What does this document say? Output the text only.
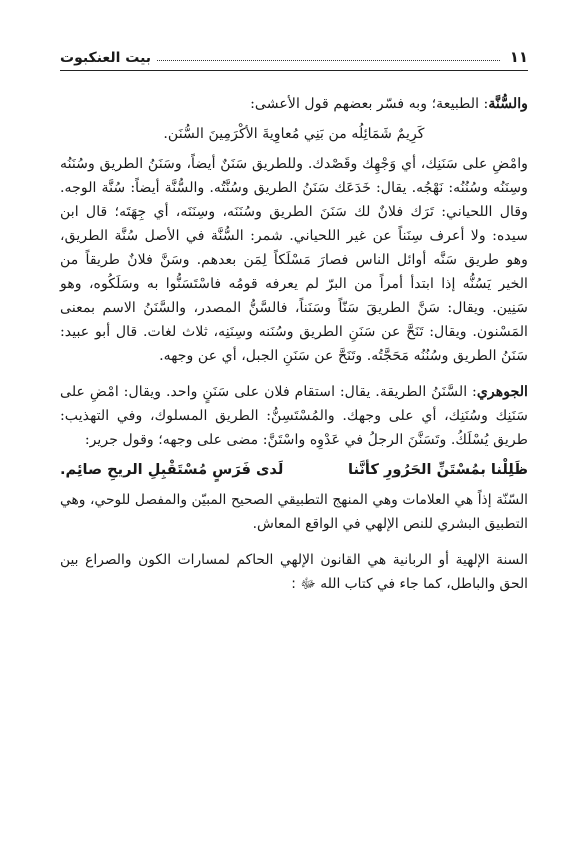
١١
بيت العنكبوت

والسُّنَّة: الطبيعة؛ وبه فسّر بعضهم قول الأعشى:

كَرِيمٌ شَمَائِلُه من بَنِي مُعاوِيةَ الأكْرَمِينَ السُّنَن.

وامْضِ على سَنَنِك، أي وَجْهِك وقَصْدك. وللطريق سَنَنٌ أيضاً، وسَنَنُ الطريق وسُنَنُه وسِنَنُه وسُنُنُه: نَهْجُه. يقال: خَدَعَك سَنَنُ الطريق وسُنَّتُه. والسُّنَّة أيضاً: سُنَّة الوجه. وقال اللحياني: تَرَك فلانٌ لك سَنَنَ الطريق وسُنَنَه، وسِنَنَه، أي جِهَتَه؛ قال ابن سيده: ولا أعرف سِنَناً عن غير اللحياني. شمر: السُّنَّة في الأصل سُنَّة الطريق، وهو طريق سَنَّه أوائل الناس فصارَ مَسْلَكاً لِمَن بعدهم. وسَنَّ فلانٌ طريقاً من الخير يَسُنُّه إذا ابتدأ أمراً من البرّ لم يعرفه قومُه فاسْتَسَنُّوا به وسَلَكُوه، وهو سَنِين. ويقال: سَنَّ الطريقَ سَنّاً وسَنَناً، فالسَّنُّ المصدر، والسَّنَنُ الاسم بمعنى المَسْنون. ويقال: تَنَحَّ عن سَنَنِ الطريق وسُنَنه وسِنَنِه، ثلاث لغات. قال أبو عبيد: سَنَنُ الطريق وسُنُنُه مَحَجَّتُه. وتَنَحَّ عن سَنَنِ الجبل، أي عن وجهه.

الجوهري: السَّنَنُ الطريقة. يقال: استقام فلان على سَنَنٍ واحد. ويقال: امْضِ على سَنَنِك وسُنَنِك، أي على وجهك. والمُسْتَسِنُّ: الطريق المسلوك، وفي التهذيب: طريق يُسْلَكُ. وتَسَنَّنَ الرجلُ في عَدْوِه واسْتَنَّ: مضى على وجهه؛ وقول جرير:

ظَلِلْنا بمُسْتَنِّ الحَرُورِ كأنَّنا
لَدى فَرَسٍ مُسْتَقْبِلِ الريحِ صائِم.

السّنّة إذاً هي العلامات وهي المنهج التطبيقي الصحيح المبيّن والمفصل للوحي، وهي التطبيق البشري للنص الإلهي في الواقع المعاش.

السنة الإلهية أو الربانية هي القانون الإلهي الحاكم لمسارات الكون والصراع بين الحق والباطل، كما جاء في كتاب الله ﷻ :
